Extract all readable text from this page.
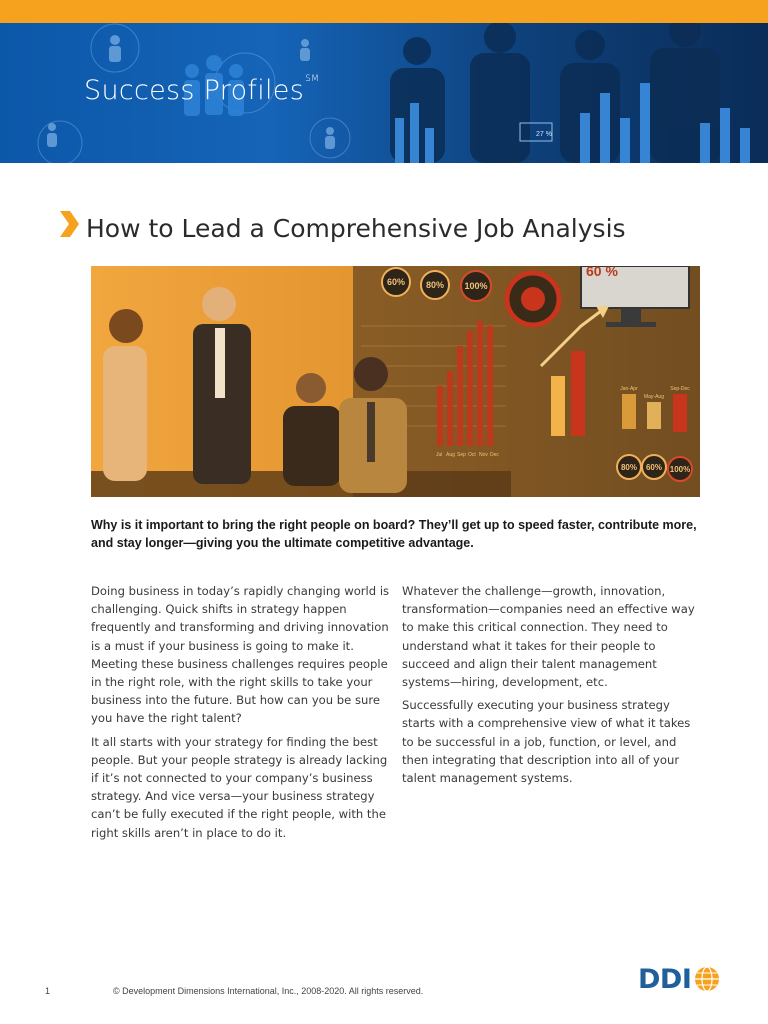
Success Profiles℠
27 %
How to Lead a Comprehensive Job Analysis
60% 80% 100%
60 %
Jul Aug Sep Oct Nov Dec
Jan-Apr
May-Aug
Sep-Dec
80% 60% 100%

Why is it important to bring the right people on board? They’ll get up to speed faster, contribute more, and stay longer—giving you the ultimate competitive advantage.

Doing business in today’s rapidly changing world is challenging. Quick shifts in strategy happen frequently and transforming and driving innovation is a must if your business is going to make it. Meeting these business challenges requires people in the right role, with the right skills to take your business into the future. But how can you be sure you have the right talent?

It all starts with your strategy for finding the best people. But your people strategy is already lacking if it’s not connected to your company’s business strategy. And vice versa—your business strategy can’t be fully executed if the right people, with the right skills aren’t in place to do it.

Whatever the challenge—growth, innovation, transformation—companies need an effective way to make this critical connection. They need to understand what it takes for their people to succeed and align their talent management systems—hiring, development, etc.

Successfully executing your business strategy starts with a comprehensive view of what it takes to be successful in a job, function, or level, and then integrating that description into all of your talent management systems.

1	© Development Dimensions International, Inc., 2008-2020. All rights reserved.	DDI
